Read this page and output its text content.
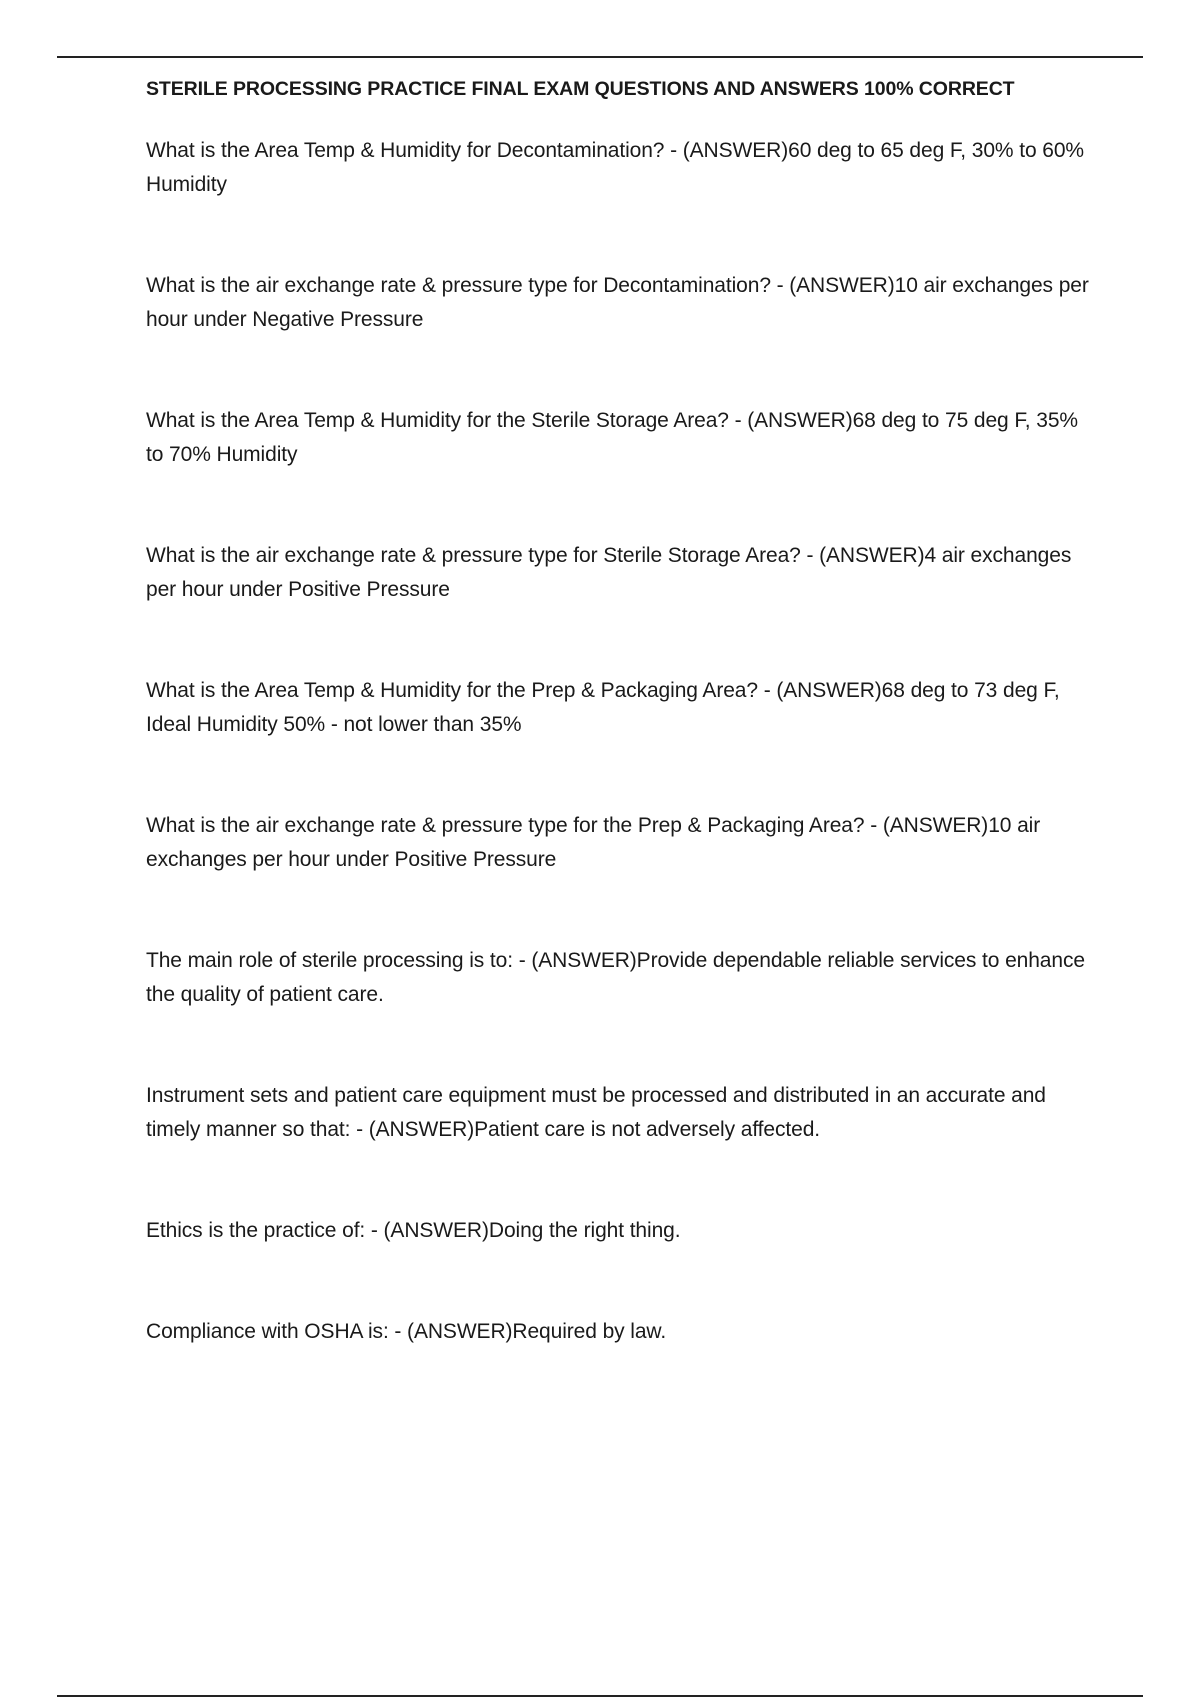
STERILE PROCESSING PRACTICE FINAL EXAM QUESTIONS AND ANSWERS 100% CORRECT
What is the Area Temp & Humidity for Decontamination? - (ANSWER)60 deg to 65 deg F, 30% to 60% Humidity
What is the air exchange rate & pressure type for Decontamination? - (ANSWER)10 air exchanges per hour under Negative Pressure
What is the Area Temp & Humidity for the Sterile Storage Area? - (ANSWER)68 deg to 75 deg F, 35% to 70% Humidity
What is the air exchange rate & pressure type for Sterile Storage Area? - (ANSWER)4 air exchanges per hour under Positive Pressure
What is the Area Temp & Humidity for the Prep & Packaging Area? - (ANSWER)68 deg to 73 deg F, Ideal Humidity 50% - not lower than 35%
What is the air exchange rate & pressure type for the Prep & Packaging Area? - (ANSWER)10 air exchanges per hour under Positive Pressure
The main role of sterile processing is to: - (ANSWER)Provide dependable reliable services to enhance the quality of patient care.
Instrument sets and patient care equipment must be processed and distributed in an accurate and timely manner so that: - (ANSWER)Patient care is not adversely affected.
Ethics is the practice of: - (ANSWER)Doing the right thing.
Compliance with OSHA is: - (ANSWER)Required by law.
